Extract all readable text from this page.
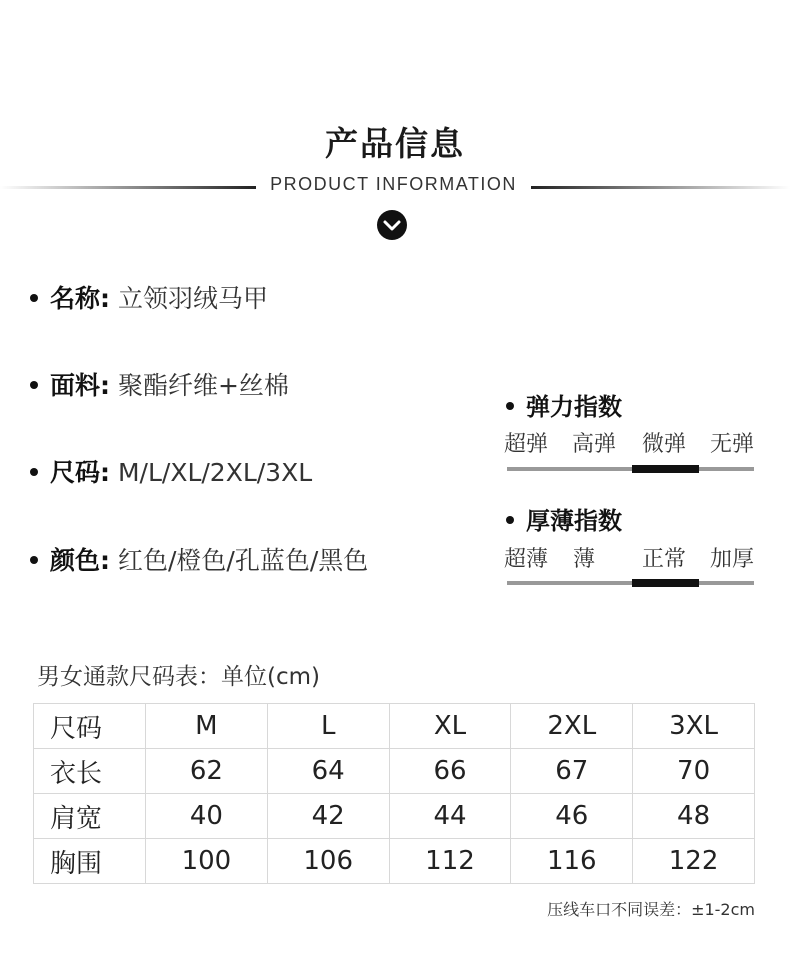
产品信息
PRODUCT INFORMATION
名称: 立领羽绒马甲
面料: 聚酯纤维+丝棉
尺码: M/L/XL/2XL/3XL
颜色: 红色/橙色/孔蓝色/黑色
弹力指数
超弹 高弹 微弹 无弹
厚薄指数
超薄 薄 正常 加厚
男女通款尺码表：单位(cm)
尺码	M	L	XL	2XL	3XL
衣长	62	64	66	67	70
肩宽	40	42	44	46	48
胸围	100	106	112	116	122
压线车口不同误差：±1-2cm
